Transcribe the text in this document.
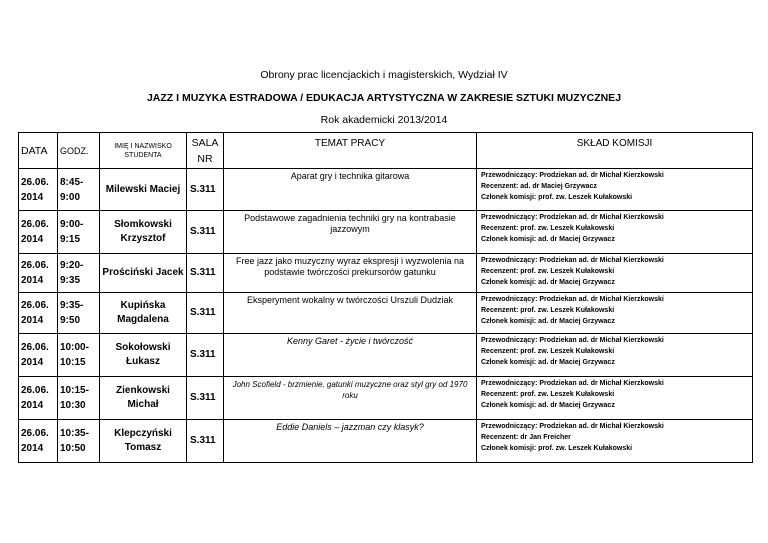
Obrony prac licencjackich i magisterskich, Wydział IV
JAZZ I MUZYKA ESTRADOWA / EDUKACJA ARTYSTYCZNA W ZAKRESIE SZTUKI MUZYCZNEJ
Rok akademicki 2013/2014
DATA	GODZ.	IMIĘ I NAZWISKO STUDENTA	SALA NR	TEMAT PRACY	SKŁAD KOMISJI
26.06. 2014	8:45- 9:00	Milewski Maciej	S.311	Aparat gry i technika gitarowa	Przewodniczący: Prodziekan ad. dr Michał Kierzkowski
Recenzent: ad. dr Maciej Grzywacz
Członek komisji: prof. zw. Leszek Kułakowski

26.06. 2014	9:00- 9:15	Słomkowski Krzysztof	S.311	Podstawowe zagadnienia techniki gry na kontrabasie jazzowym	Przewodniczący: Prodziekan ad. dr Michał Kierzkowski
Recenzent: prof. zw. Leszek Kułakowski
Członek komisji: ad. dr Maciej Grzywacz

26.06. 2014	9:20- 9:35	Prościński Jacek	S.311	Free jazz jako muzyczny wyraz ekspresji i wyzwolenia na podstawie twórczości prekursorów gatunku	Przewodniczący: Prodziekan ad. dr Michał Kierzkowski
Recenzent: prof. zw. Leszek Kułakowski
Członek komisji: ad. dr Maciej Grzywacz

26.06. 2014	9:35- 9:50	Kupińska Magdalena	S.311	Eksperyment wokalny w twórczości Urszuli Dudziak	Przewodniczący: Prodziekan ad. dr Michał Kierzkowski
Recenzent: prof. zw. Leszek Kułakowski
Członek komisji: ad. dr Maciej Grzywacz

26.06. 2014	10:00- 10:15	Sokołowski Łukasz	S.311	Kenny Garet - życie i twórczość	Przewodniczący: Prodziekan ad. dr Michał Kierzkowski
Recenzent: prof. zw. Leszek Kułakowski
Członek komisji: ad. dr Maciej Grzywacz

26.06. 2014	10:15- 10:30	Zienkowski Michał	S.311	John Scofield - brzmienie, gatunki muzyczne oraz styl gry od 1970 roku	Przewodniczący: Prodziekan ad. dr Michał Kierzkowski
Recenzent: prof. zw. Leszek Kułakowski
Członek komisji: ad. dr Maciej Grzywacz

26.06. 2014	10:35- 10:50	Klepczyński Tomasz	S.311	Eddie Daniels – jazzman czy klasyk?	Przewodniczący: Prodziekan ad. dr Michał Kierzkowski
Recenzent: dr Jan Freicher
Członek komisji: prof. zw. Leszek Kułakowski
